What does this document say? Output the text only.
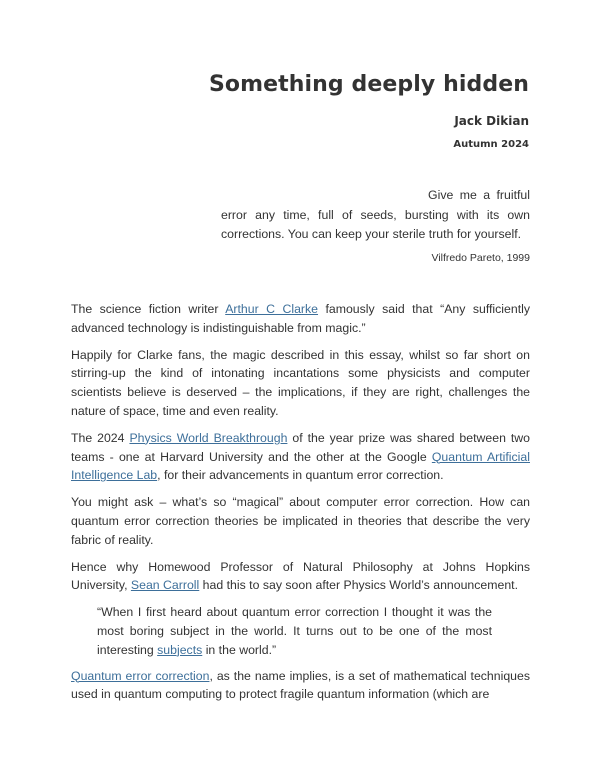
Something deeply hidden
Jack Dikian
Autumn 2024
Give me a fruitful
error any time, full of seeds, bursting with its own
corrections. You can keep your sterile truth for yourself.
Vilfredo Pareto, 1999

The science fiction writer Arthur C Clarke famously said that “Any sufficiently advanced technology is indistinguishable from magic.”

Happily for Clarke fans, the magic described in this essay, whilst so far short on stirring-up the kind of intonating incantations some physicists and computer scientists believe is deserved – the implications, if they are right, challenges the nature of space, time and even reality.

The 2024 Physics World Breakthrough of the year prize was shared between two teams - one at Harvard University and the other at the Google Quantum Artificial Intelligence Lab, for their advancements in quantum error correction.

You might ask – what’s so “magical” about computer error correction. How can quantum error correction theories be implicated in theories that describe the very fabric of reality.

Hence why Homewood Professor of Natural Philosophy at Johns Hopkins University, Sean Carroll had this to say soon after Physics World’s announcement.

“When I first heard about quantum error correction I thought it was the most boring subject in the world. It turns out to be one of the most interesting subjects in the world.”

Quantum error correction, as the name implies, is a set of mathematical techniques used in quantum computing to protect fragile quantum information (which are
